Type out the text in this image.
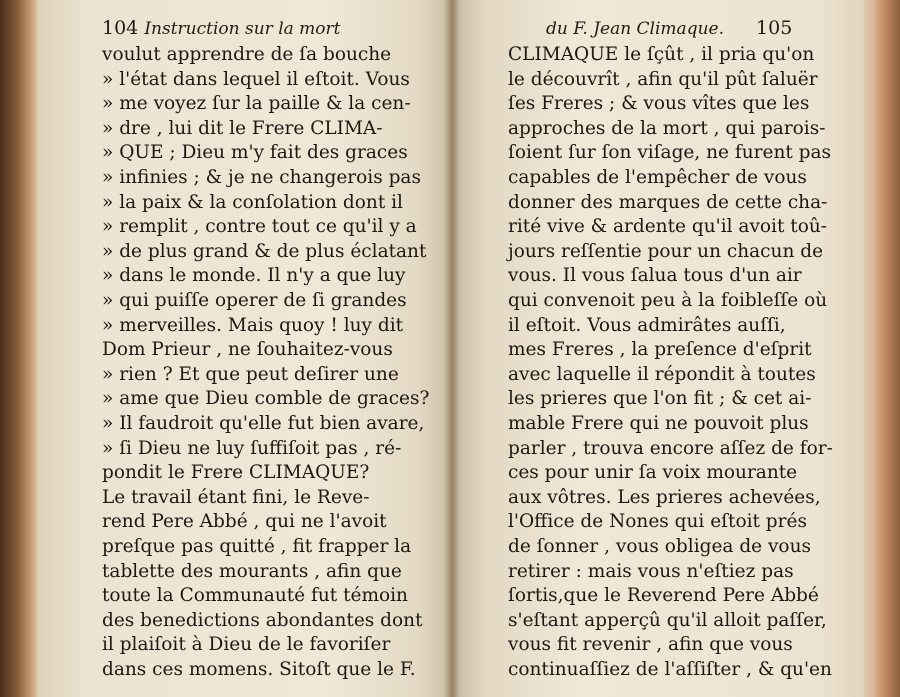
104 Instruction sur la mort
voulut apprendre de ſa bouche
» l'état dans lequel il eſtoit. Vous
» me voyez ſur la paille & la cen-
» dre , lui dit le Frere CLIMA-
» QUE ; Dieu m'y fait des graces
» infinies ; & je ne changerois pas
» la paix & la conſolation dont il
» remplit , contre tout ce qu'il y a
» de plus grand & de plus éclatant
» dans le monde. Il n'y a que luy
» qui puiſſe operer de ſi grandes
» merveilles. Mais quoy ! luy dit
Dom Prieur , ne ſouhaitez-vous
» rien ? Et que peut deſirer une
» ame que Dieu comble de graces?
» Il faudroit qu'elle fut bien avare,
» ſi Dieu ne luy ſuffiſoit pas , ré-
pondit le Frere CLIMAQUE?
Le travail étant fini, le Reve-
rend Pere Abbé , qui ne l'avoit
preſque pas quitté , fit frapper la
tablette des mourants , afin que
toute la Communauté fut témoin
des benedictions abondantes dont
il plaiſoit à Dieu de le favoriſer
dans ces momens. Sitoſt que le F.
du F. Jean Climaque. 105
CLIMAQUE le ſçût , il pria qu'on
le découvrît , afin qu'il pût ſaluër
ſes Freres ; & vous vîtes que les
approches de la mort , qui parois-
ſoient ſur ſon viſage, ne furent pas
capables de l'empêcher de vous
donner des marques de cette cha-
rité vive & ardente qu'il avoit toû-
jours reſſentie pour un chacun de
vous. Il vous ſalua tous d'un air
qui convenoit peu à la foibleſſe où
il eſtoit. Vous admirâtes auſſi,
mes Freres , la preſence d'eſprit
avec laquelle il répondit à toutes
les prieres que l'on fit ; & cet ai-
mable Frere qui ne pouvoit plus
parler , trouva encore aſſez de for-
ces pour unir ſa voix mourante
aux vôtres. Les prieres achevées,
l'Office de Nones qui eſtoit prés
de ſonner , vous obligea de vous
retirer : mais vous n'eſtiez pas
ſortis,que le Reverend Pere Abbé
s'eſtant apperçû qu'il alloit paſſer,
vous fit revenir , afin que vous
continuaſſiez de l'aſſiſter , & qu'en
